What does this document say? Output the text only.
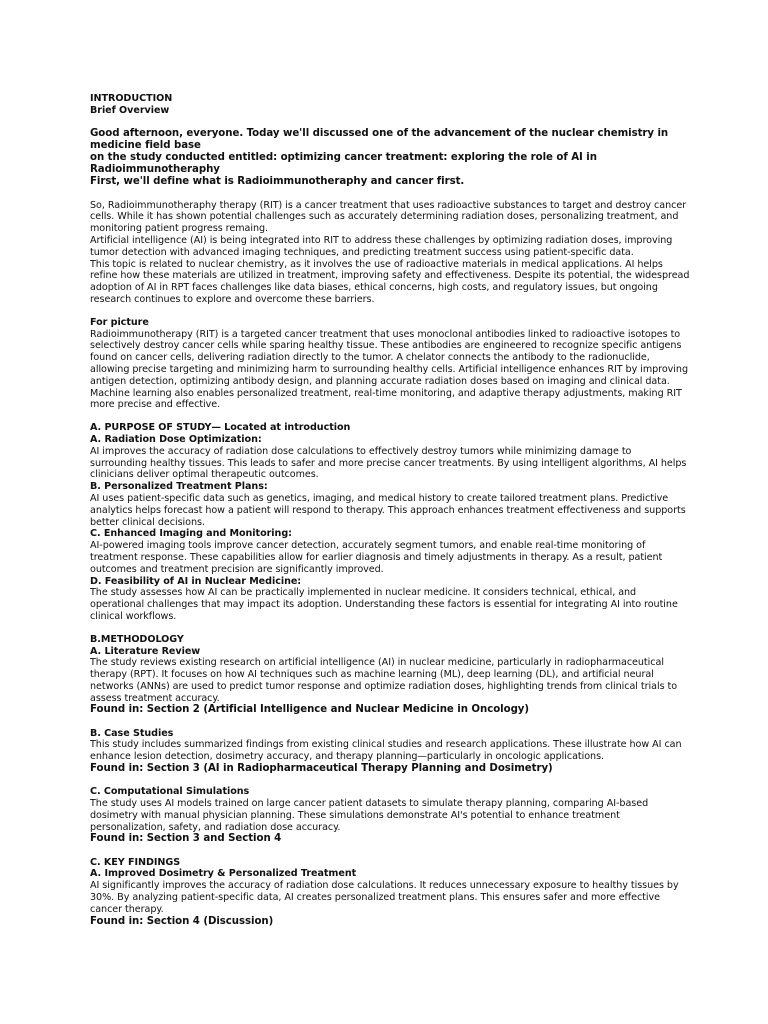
INTRODUCTION

Brief Overview

Good afternoon, everyone. Today we'll discussed one of the advancement of the nuclear chemistry in medicine field base

on the study conducted entitled: optimizing cancer treatment: exploring the role of AI in Radioimmunotheraphy

First, we'll define what is Radioimmunotheraphy and cancer first.

So, Radioimmunotheraphy therapy (RIT) is a cancer treatment that uses radioactive substances to target and destroy cancer cells. While it has shown potential challenges such as accurately determining radiation doses, personalizing treatment, and monitoring patient progress remaing.

Artificial intelligence (AI) is being integrated into RIT to address these challenges by optimizing radiation doses, improving tumor detection with advanced imaging techniques, and predicting treatment success using patient-specific data.

This topic is related to nuclear chemistry, as it involves the use of radioactive materials in medical applications. AI helps refine how these materials are utilized in treatment, improving safety and effectiveness. Despite its potential, the widespread adoption of AI in RPT faces challenges like data biases, ethical concerns, high costs, and regulatory issues, but ongoing research continues to explore and overcome these barriers.

For picture

Radioimmunotherapy (RIT) is a targeted cancer treatment that uses monoclonal antibodies linked to radioactive isotopes to selectively destroy cancer cells while sparing healthy tissue. These antibodies are engineered to recognize specific antigens found on cancer cells, delivering radiation directly to the tumor. A chelator connects the antibody to the radionuclide, allowing precise targeting and minimizing harm to surrounding healthy cells. Artificial intelligence enhances RIT by improving antigen detection, optimizing antibody design, and planning accurate radiation doses based on imaging and clinical data. Machine learning also enables personalized treatment, real-time monitoring, and adaptive therapy adjustments, making RIT more precise and effective.

A. PURPOSE OF STUDY— Located at introduction

A. Radiation Dose Optimization:

AI improves the accuracy of radiation dose calculations to effectively destroy tumors while minimizing damage to surrounding healthy tissues. This leads to safer and more precise cancer treatments. By using intelligent algorithms, AI helps clinicians deliver optimal therapeutic outcomes.

B. Personalized Treatment Plans:

AI uses patient-specific data such as genetics, imaging, and medical history to create tailored treatment plans. Predictive analytics helps forecast how a patient will respond to therapy. This approach enhances treatment effectiveness and supports better clinical decisions.

C. Enhanced Imaging and Monitoring:

AI-powered imaging tools improve cancer detection, accurately segment tumors, and enable real-time monitoring of treatment response. These capabilities allow for earlier diagnosis and timely adjustments in therapy. As a result, patient outcomes and treatment precision are significantly improved.

D. Feasibility of AI in Nuclear Medicine:

The study assesses how AI can be practically implemented in nuclear medicine. It considers technical, ethical, and operational challenges that may impact its adoption. Understanding these factors is essential for integrating AI into routine clinical workflows.

B.METHODOLOGY

A. Literature Review

The study reviews existing research on artificial intelligence (AI) in nuclear medicine, particularly in radiopharmaceutical therapy (RPT). It focuses on how AI techniques such as machine learning (ML), deep learning (DL), and artificial neural networks (ANNs) are used to predict tumor response and optimize radiation doses, highlighting trends from clinical trials to assess treatment accuracy.

Found in: Section 2 (Artificial Intelligence and Nuclear Medicine in Oncology)

B. Case Studies

This study includes summarized findings from existing clinical studies and research applications. These illustrate how AI can enhance lesion detection, dosimetry accuracy, and therapy planning—particularly in oncologic applications.

Found in: Section 3 (AI in Radiopharmaceutical Therapy Planning and Dosimetry)

C. Computational Simulations

The study uses AI models trained on large cancer patient datasets to simulate therapy planning, comparing AI-based dosimetry with manual physician planning. These simulations demonstrate AI's potential to enhance treatment personalization, safety, and radiation dose accuracy.

Found in: Section 3 and Section 4

C. KEY FINDINGS

A. Improved Dosimetry & Personalized Treatment

AI significantly improves the accuracy of radiation dose calculations. It reduces unnecessary exposure to healthy tissues by 30%. By analyzing patient-specific data, AI creates personalized treatment plans. This ensures safer and more effective cancer therapy.

Found in: Section 4 (Discussion)
